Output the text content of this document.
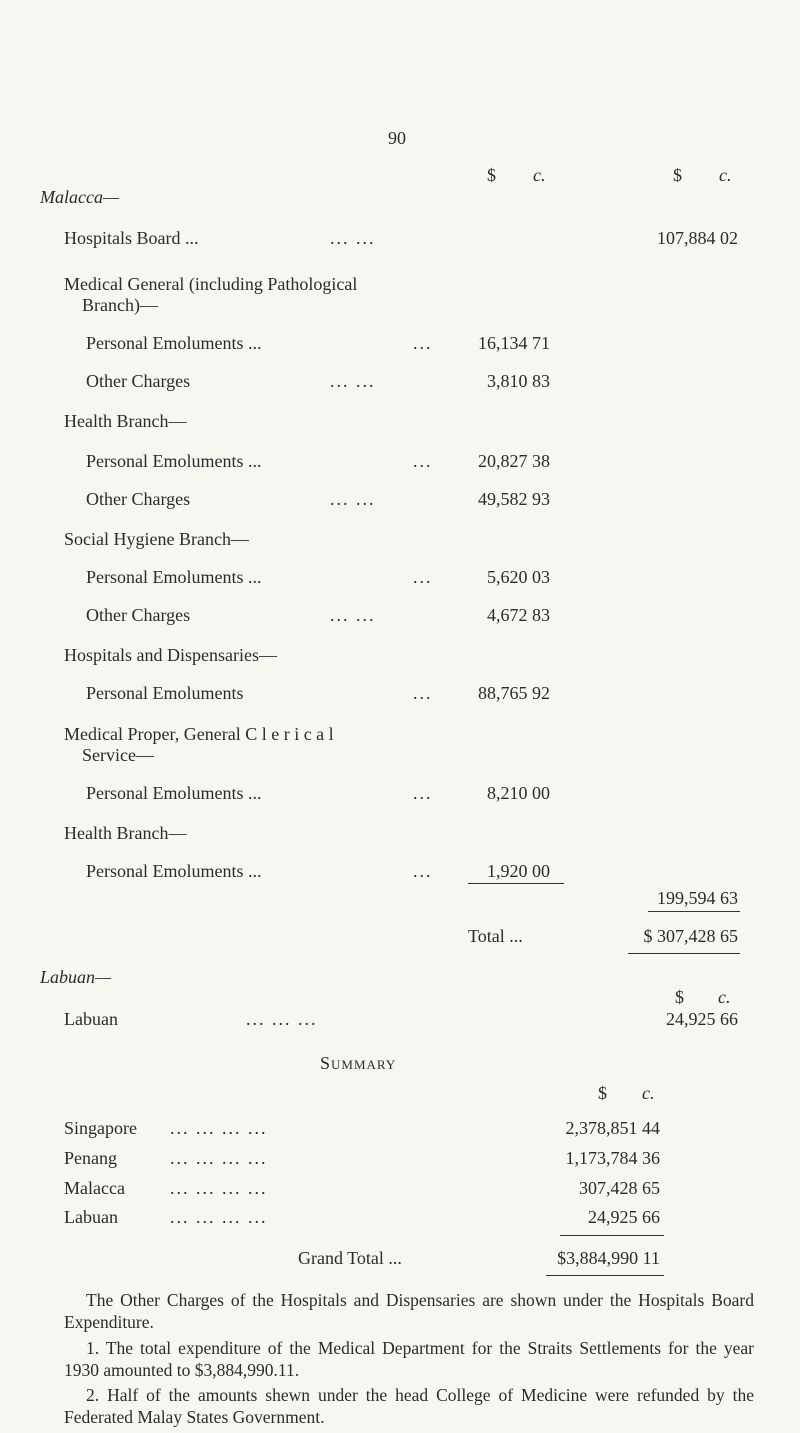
90
$ c.	$ c.
Malacca—
Hospitals Board ...	... ...	107,884 02
Medical General (including Pathological
Branch)—
Personal Emoluments ...	...	16,134 71
Other Charges	... ...	3,810 83
Health Branch—
Personal Emoluments ...	...	20,827 38
Other Charges	... ...	49,582 93
Social Hygiene Branch—
Personal Emoluments ...	...	5,620 03
Other Charges	... ...	4,672 83
Hospitals and Dispensaries—
Personal Emoluments	...	88,765 92
Medical Proper, General C l e r i c a l
Service—
Personal Emoluments ...	...	8,210 00
Health Branch—
Personal Emoluments ...	...	1,920 00
199,594 63
Total ...	$ 307,428 65
Labuan—
$ c.
Labuan	... ... ...	24,925 66
Summary
$ c.
Singapore ... ... ... ...	2,378,851 44
Penang	... ... ... ...	1,173,784 36
Malacca	... ... ... ...	307,428 65
Labuan	... ... ... ...	24,925 66
Grand Total ...	$3,884,990 11
The Other Charges of the Hospitals and Dispensaries are shown under the Hospitals Board Expenditure.
1. The total expenditure of the Medical Department for the Straits Settlements for the year 1930 amounted to $3,884,990.11.
2. Half of the amounts shewn under the head College of Medicine were refunded by the Federated Malay States Government.
